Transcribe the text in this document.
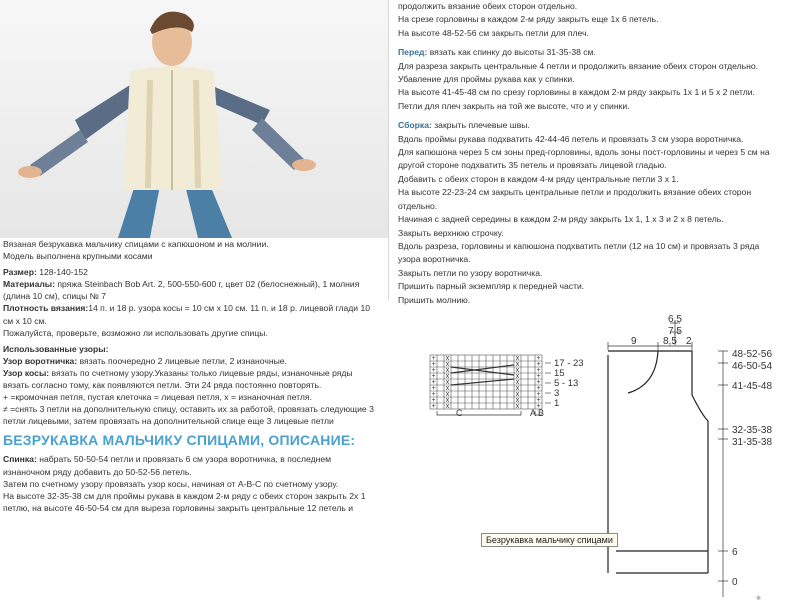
продолжить вязание обеих сторон отдельно.

На срезе горловины в каждом 2-м ряду закрыть еще 1х 6 петель.

На высоте 48-52-56 см закрыть петли для плеч.

Перед: вязать как спинку до высоты 31-35-38 см.

Для разреза закрыть центральные 4 петли и продолжить вязание обеих сторон отдельно.

Убавление для проймы рукава как у спинки.

На высоте 41-45-48 см по срезу горловины в каждом 2-м ряду закрыть 1х 1 и 5 х 2 петли.

Петли для плеч закрыть на той же высоте, что и у спинки.

Сборка: закрыть плечевые швы.

Вдоль проймы рукава подхватить 42-44-46 петель и провязать 3 см узора воротничка.

Для капюшона через 5 см зоны пред-горловины, вдоль зоны пост-горловины и через 5 см на

другой стороне подхватить 35 петель и провязать лицевой гладью.

Добавить с обеих сторон в каждом 4-м ряду центральные петли 3 х 1.

На высоте 22-23-24 см закрыть центральные петли и продолжить вязание обеих сторон

отдельно.

Начиная с задней середины в каждом 2-м ряду закрыть 1х 1, 1 х 3 и 2 х 8 петель.

Закрыть верхнюю строчку.

Вдоль разреза, горловины и капюшона подхватить петли (12 на 10 см) и провязать 3 ряда

узора воротничка.

Закрыть петли по узору воротничка.

Пришить парный экземпляр к передней части.

Пришить молнию.

Вязаная безрукавка мальчику спицами с капюшоном и на молнии.

Модель выполнена крупными косами

Размер: 128-140-152

Материалы: пряжа Steinbach Bob Art. 2, 500-550-600 г, цвет 02 (белоснежный), 1 молния

(длина 10 см), спицы № 7

Плотность вязания:14 п. и 18 р. узора косы = 10 см х 10 см. 11 п. и 18 р. лицевой глади 10

см х 10 см.

Пожалуйста, проверьте, возможно ли использовать другие спицы.

Использованные узоры:

Узор воротничка: вязать поочередно 2 лицевые петли, 2 изнаночные.

Узор косы: вязать по счетному узору.Указаны только лицевые ряды, изнаночные ряды

вязать согласно тому, как появляются петли. Эти 24 ряда постоянно повторять.

+ =кромочная петля, пустая клеточка = лицевая петля, x = изнаночная петля.

≠ =снять 3 петли на дополнительную спицу, оставить их за работой, провязать следующие 3

петли лицевыми, затем провязать на дополнительной спице еще 3 лицевые петли

БЕЗРУКАВКА МАЛЬЧИКУ СПИЦАМИ, ОПИСАНИЕ:

Спинка: набрать 50-50-54 петли и провязать 6 см узора воротничка, в последнем

изнаночном ряду добавить до 50-52-56 петель.

Затем по счетному узору провязать узор косы, начиная от A-B-C по счетному узору.

На высоте 32-35-38 см для проймы рукава в каждом 2-м ряду с обеих сторон закрыть 2х 1

петлю, на высоте 46-50-54 см для выреза горловины закрыть центральные 12 петель и

+
+
+
+
+
+
+
+
+
+
+
+
+
+
+
+
+
+
x
x
x
x
x
x
x
x
x
x
x
x
x
x
x
x
x
x
C	A B
17 - 23
15
5 - 13
3
1
6,5
7,5
8,5
9	2
48-52-56
46-50-54
41-45-48
32-35-38
31-35-38
6
0
✽
Безрукавка мальчику спицами
